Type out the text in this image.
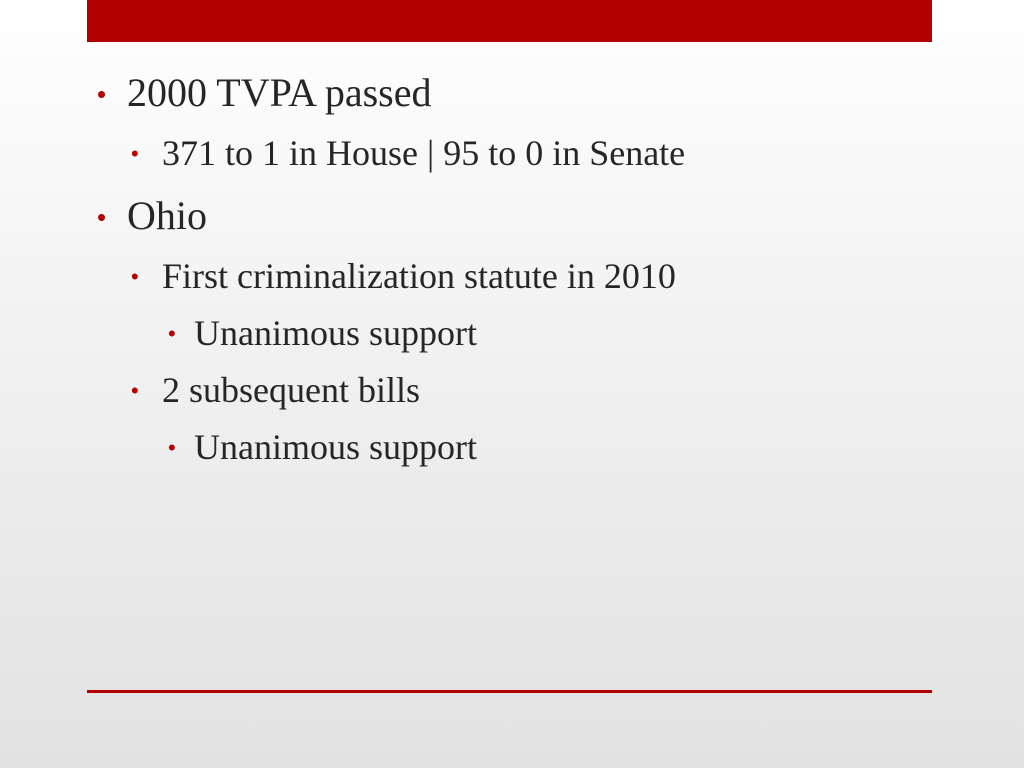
• 2000 TVPA passed
• 371 to 1 in House | 95 to 0 in Senate
• Ohio
• First criminalization statute in 2010
• Unanimous support
• 2 subsequent bills
• Unanimous support
